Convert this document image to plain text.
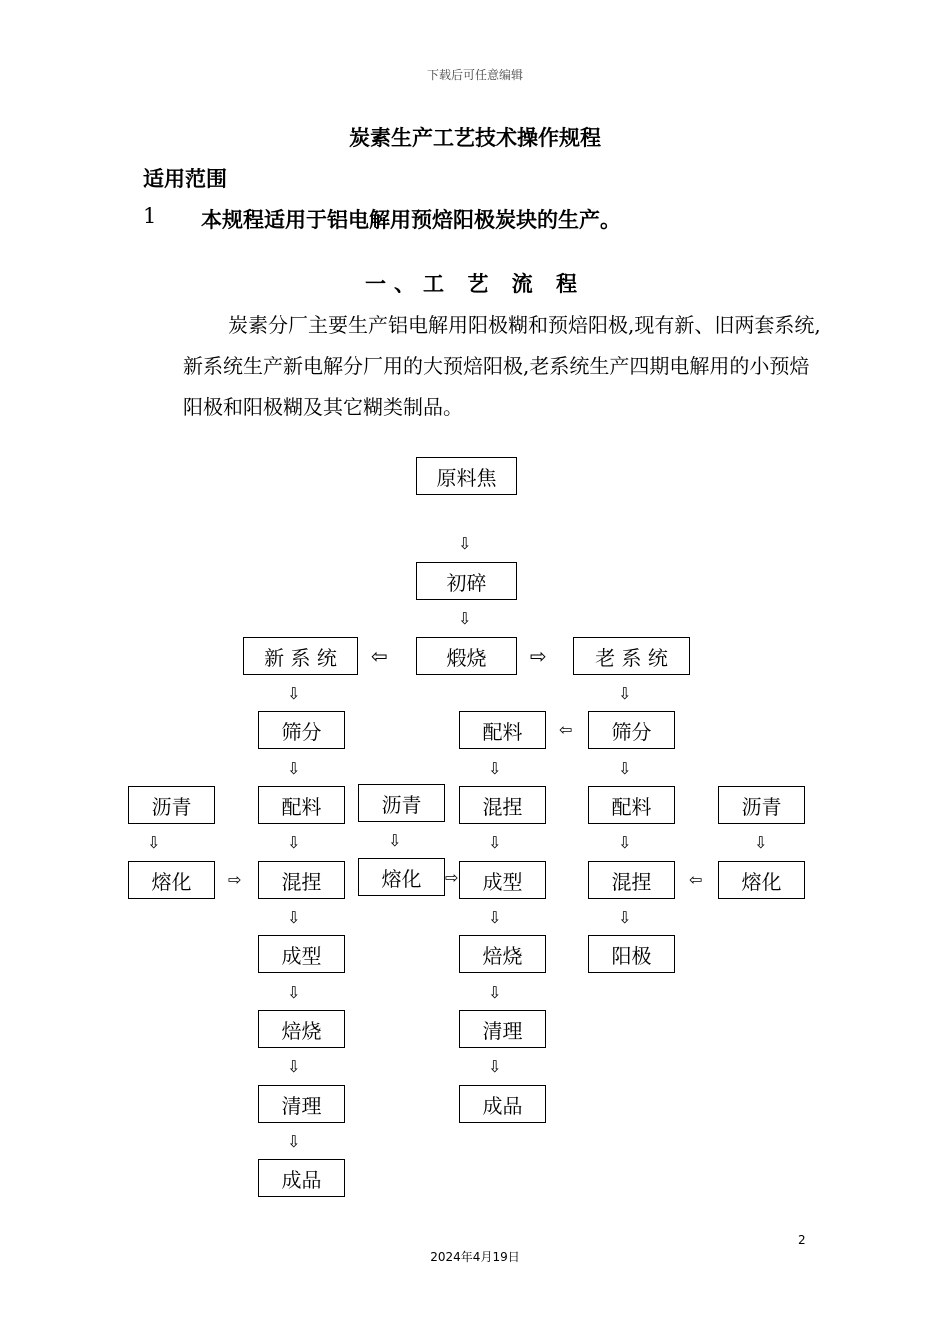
下载后可任意编辑
炭素生产工艺技术操作规程
适用范围
1 本规程适用于铝电解用预焙阳极炭块的生产。
一、工 艺 流 程
炭素分厂主要生产铝电解用阳极糊和预焙阳极,现有新、旧两套系统,新系统生产新电解分厂用的大预焙阳极,老系统生产四期电解用的小预焙阳极和阳极糊及其它糊类制品。
原料焦
⇩
初碎
⇩
煅烧
⇦	⇨
新 系 统	老 系 统
⇩
筛分
⇩
配料
⇩
混捏
⇩
成型
⇩
焙烧
⇩
清理
⇩
成品
沥青
⇩
熔化	⇨
配料	⇦
⇩
混捏
⇩
成型
⇩
焙烧
⇩
清理
⇩
成品
沥青
⇩
熔化	⇨
⇩
筛分
⇩
配料
⇩
混捏
⇩
阳极
沥青
⇩
熔化
⇦
2
2024年4月19日
